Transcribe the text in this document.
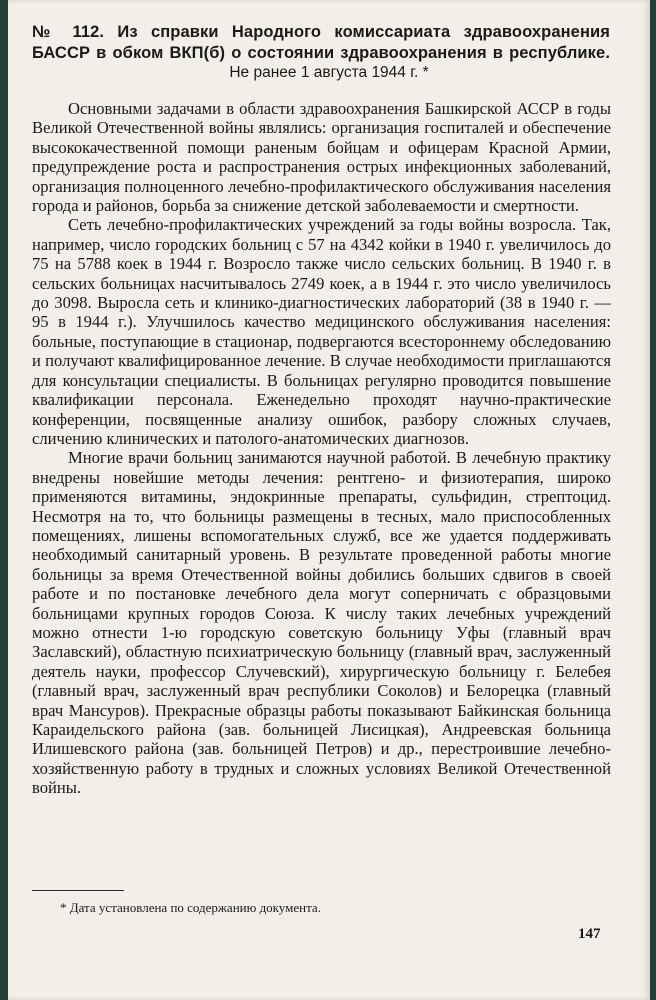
№ 112. Из справки Народного комиссариата здравоохранения
БАССР в обком ВКП(б) о состоянии здравоохранения в республике.
Не ранее 1 августа 1944 г. *

Основными задачами в области здравоохранения Башкирской АССР в годы Великой Отечественной войны являлись: организация госпиталей и обеспечение высококачественной помощи раненым бойцам и офицерам Красной Армии, предупреждение роста и распространения острых инфекционных заболеваний, организация полноценного лечебно-профилактического обслуживания населения города и районов, борьба за снижение детской заболеваемости и смертности.

Сеть лечебно-профилактических учреждений за годы войны возросла. Так, например, число городских больниц с 57 на 4342 койки в 1940 г. увеличилось до 75 на 5788 коек в 1944 г. Возросло также число сельских больниц. В 1940 г. в сельских больницах насчитывалось 2749 коек, а в 1944 г. это число увеличилось до 3098. Выросла сеть и клинико-диагностических лабораторий (38 в 1940 г. — 95 в 1944 г.). Улучшилось качество медицинского обслуживания населения: больные, поступающие в стационар, подвергаются всестороннему обследованию и получают квалифицированное лечение. В случае необходимости приглашаются для консультации специалисты. В больницах регулярно проводится повышение квалификации персонала. Еженедельно проходят научно-практические конференции, посвященные анализу ошибок, разбору сложных случаев, сличению клинических и патолого-анатомических диагнозов.

Многие врачи больниц занимаются научной работой. В лечебную практику внедрены новейшие методы лечения: рентгено- и физиотерапия, широко применяются витамины, эндокринные препараты, сульфидин, стрептоцид. Несмотря на то, что больницы размещены в тесных, мало приспособленных помещениях, лишены вспомогательных служб, все же удается поддерживать необходимый санитарный уровень. В результате проведенной работы многие больницы за время Отечественной войны добились больших сдвигов в своей работе и по постановке лечебного дела могут соперничать с образцовыми больницами крупных городов Союза. К числу таких лечебных учреждений можно отнести 1-ю городскую советскую больницу Уфы (главный врач Заславский), областную психиатрическую больницу (главный врач, заслуженный деятель науки, профессор Случевский), хирургическую больницу г. Белебея (главный врач, заслуженный врач республики Соколов) и Белорецка (главный врач Мансуров). Прекрасные образцы работы показывают Байкинская больница Караидельского района (зав. больницей Лисицкая), Андреевская больница Илишевского района (зав. больницей Петров) и др., перестроившие лечебно-хозяйственную работу в трудных и сложных условиях Великой Отечественной войны.

* Дата установлена по содержанию документа.
147
